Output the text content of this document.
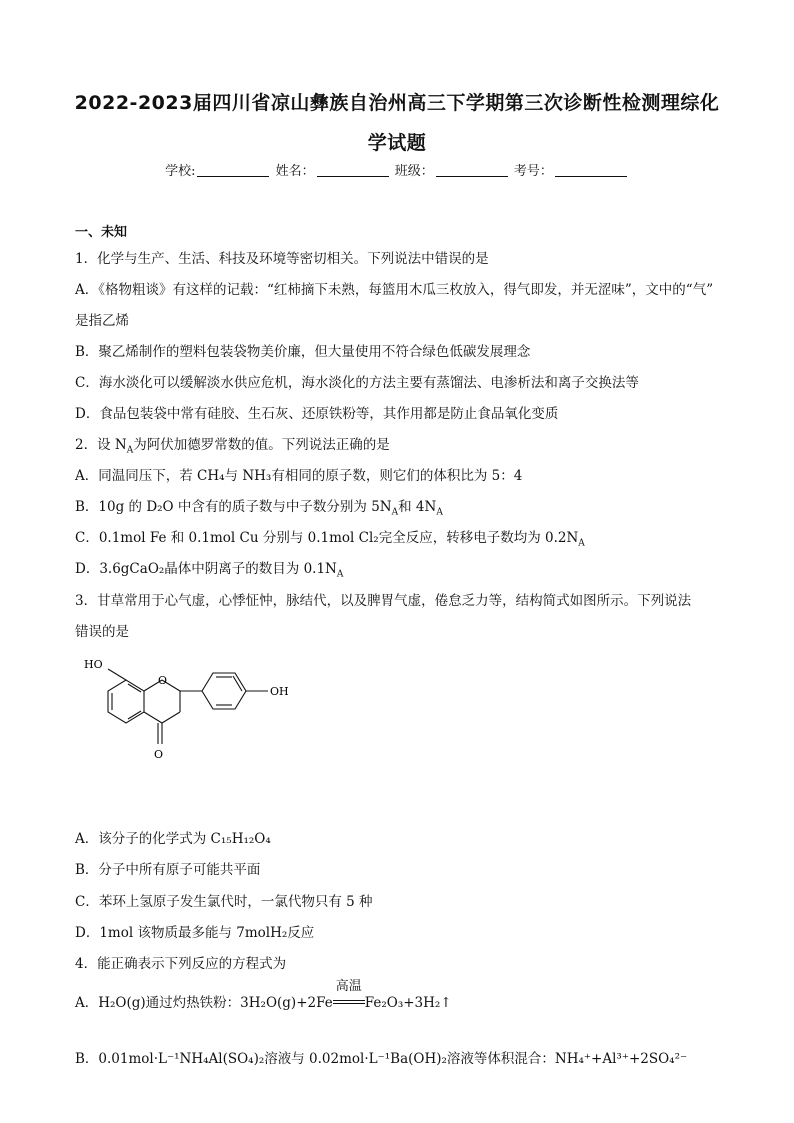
2022-2023届四川省凉山彝族自治州高三下学期第三次诊断性检测理综化
学试题
学校:	姓名：	班级：	考号：
一、未知
1．化学与生产、生活、科技及环境等密切相关。下列说法中错误的是
A．《格物粗谈》有这样的记载：“红柿摘下未熟，每篮用木瓜三枚放入，得气即发，并无涩味”，文中的“气”
是指乙烯
B．聚乙烯制作的塑料包装袋物美价廉，但大量使用不符合绿色低碳发展理念
C．海水淡化可以缓解淡水供应危机，海水淡化的方法主要有蒸馏法、电渗析法和离子交换法等
D．食品包装袋中常有硅胶、生石灰、还原铁粉等，其作用都是防止食品氧化变质
2．设 $N_A$为阿伏加德罗常数的值。下列说法正确的是
A．同温同压下，若 CH₄与 NH₃有相同的原子数，则它们的体积比为 5：4
B．10g 的 D₂O 中含有的质子数与中子数分别为 $5N_A$和 $4N_A$
C．0.1mol Fe 和 0.1mol Cu 分别与 0.1mol Cl₂完全反应，转移电子数均为 $0.2N_A$
D．3.6gCaO₂晶体中阴离子的数目为 $0.1N_A$
3．甘草常用于心气虚，心悸怔忡，脉结代，以及脾胃气虚，倦怠乏力等，结构简式如图所示。下列说法
错误的是
HO
O
O
OH
A．该分子的化学式为 C₁₅H₁₂O₄
B．分子中所有原子可能共平面
C．苯环上氢原子发生氯代时，一氯代物只有 5 种
D．1mol 该物质最多能与 7molH₂反应
4．能正确表示下列反应的方程式为
A．H₂O(g)通过灼热铁粉：3H₂O(g)+2Fe
高温
Fe₂O₃+3H₂↑
B．0.01mol·L⁻¹NH₄Al(SO₄)₂溶液与 0.02mol·L⁻¹Ba(OH)₂溶液等体积混合：NH₄⁺+Al³⁺+2SO₄²⁻
